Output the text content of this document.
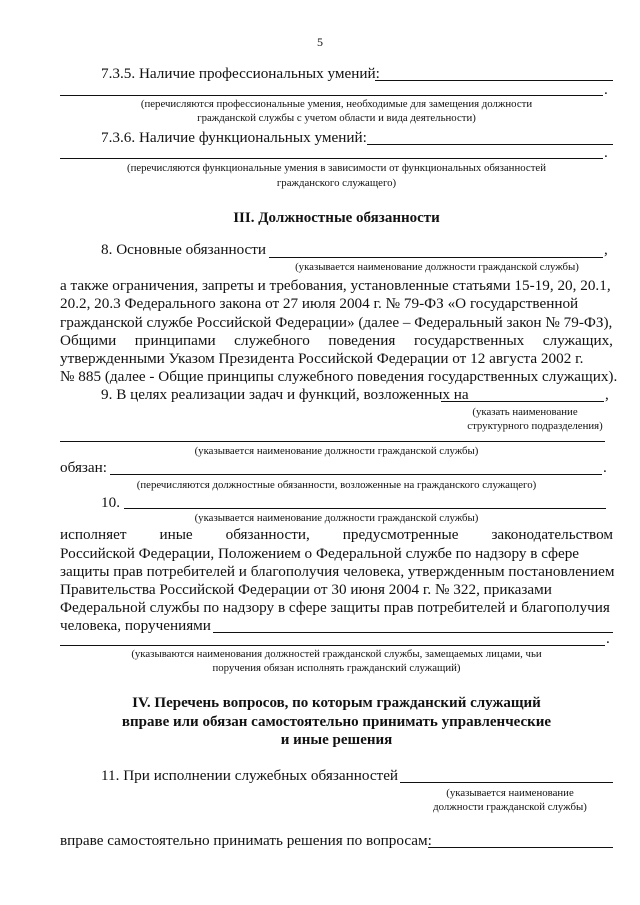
5
7.3.5. Наличие профессиональных умений:
.
(перечисляются профессиональные умения, необходимые для замещения должности
гражданской службы с учетом области и вида деятельности)
7.3.6. Наличие функциональных умений:
.
(перечисляются функциональные умения в зависимости от функциональных обязанностей
гражданского служащего)
III. Должностные обязанности
8. Основные обязанности	,
(указывается наименование должности гражданской службы)
а также ограничения, запреты и требования, установленные статьями 15-19, 20, 20.1,
20.2, 20.3 Федерального закона от 27 июля 2004 г. № 79-ФЗ «О государственной
гражданской службе Российской Федерации» (далее – Федеральный закон № 79-ФЗ),
Общими принципами служебного поведения государственных служащих,
утвержденными Указом Президента Российской Федерации от 12 августа 2002 г.
№ 885 (далее - Общие принципы служебного поведения государственных служащих).
9. В целях реализации задач и функций, возложенных на	,
(указать наименование
структурного подразделения)
(указывается наименование должности гражданской службы)
обязан:	.
(перечисляются должностные обязанности, возложенные на гражданского служащего)
10.
(указывается наименование должности гражданской службы)
исполняет иные обязанности, предусмотренные законодательством
Российской Федерации, Положением о Федеральной службе по надзору в сфере
защиты прав потребителей и благополучия человека, утвержденным постановлением
Правительства Российской Федерации от 30 июня 2004 г. № 322, приказами
Федеральной службы по надзору в сфере защиты прав потребителей и благополучия
человека, поручениями
.
(указываются наименования должностей гражданской службы, замещаемых лицами, чьи
поручения обязан исполнять гражданский служащий)
IV. Перечень вопросов, по которым гражданский служащий
вправе или обязан самостоятельно принимать управленческие
и иные решения
11. При исполнении служебных обязанностей
(указывается наименование
должности гражданской службы)
вправе самостоятельно принимать решения по вопросам:
